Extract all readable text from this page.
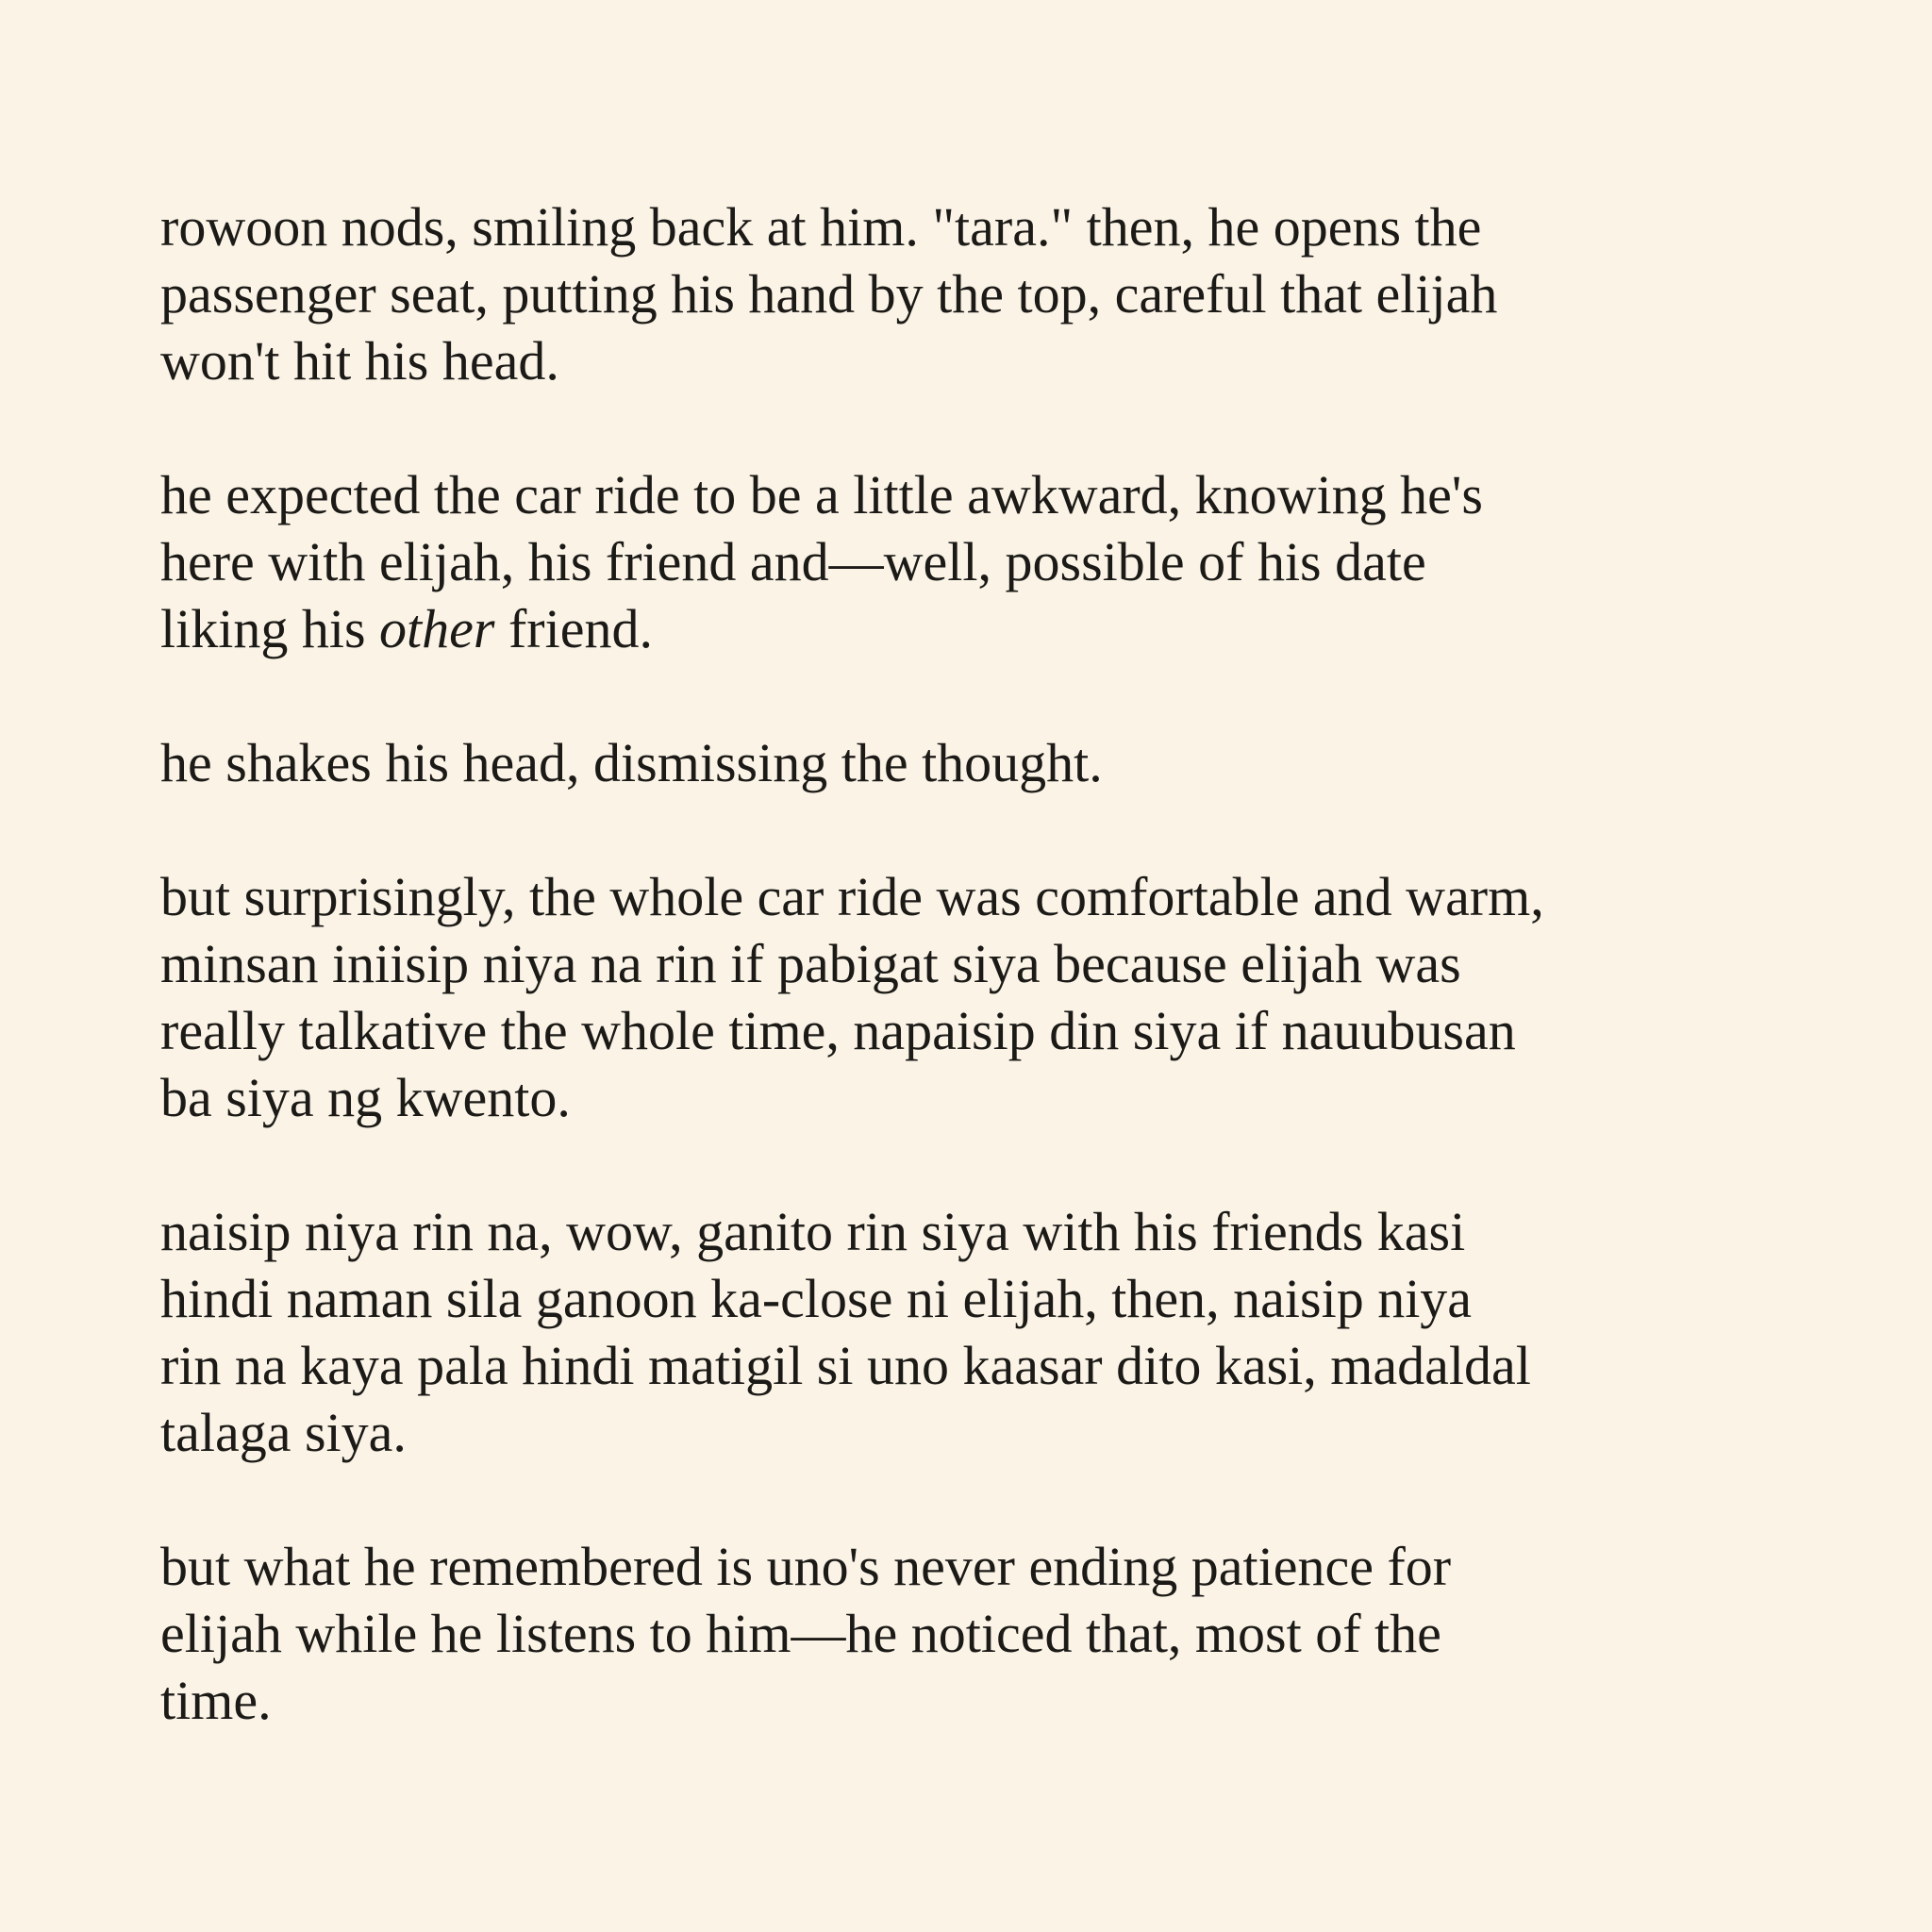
rowoon nods, smiling back at him. "tara." then, he opens the
passenger seat, putting his hand by the top, careful that elijah
won't hit his head.

he expected the car ride to be a little awkward, knowing he's
here with elijah, his friend and—well, possible of his date
liking his other friend.

he shakes his head, dismissing the thought.

but surprisingly, the whole car ride was comfortable and warm,
minsan iniisip niya na rin if pabigat siya because elijah was
really talkative the whole time, napaisip din siya if nauubusan
ba siya ng kwento.

naisip niya rin na, wow, ganito rin siya with his friends kasi
hindi naman sila ganoon ka-close ni elijah, then, naisip niya
rin na kaya pala hindi matigil si uno kaasar dito kasi, madaldal
talaga siya.

but what he remembered is uno's never ending patience for
elijah while he listens to him—he noticed that, most of the
time.
